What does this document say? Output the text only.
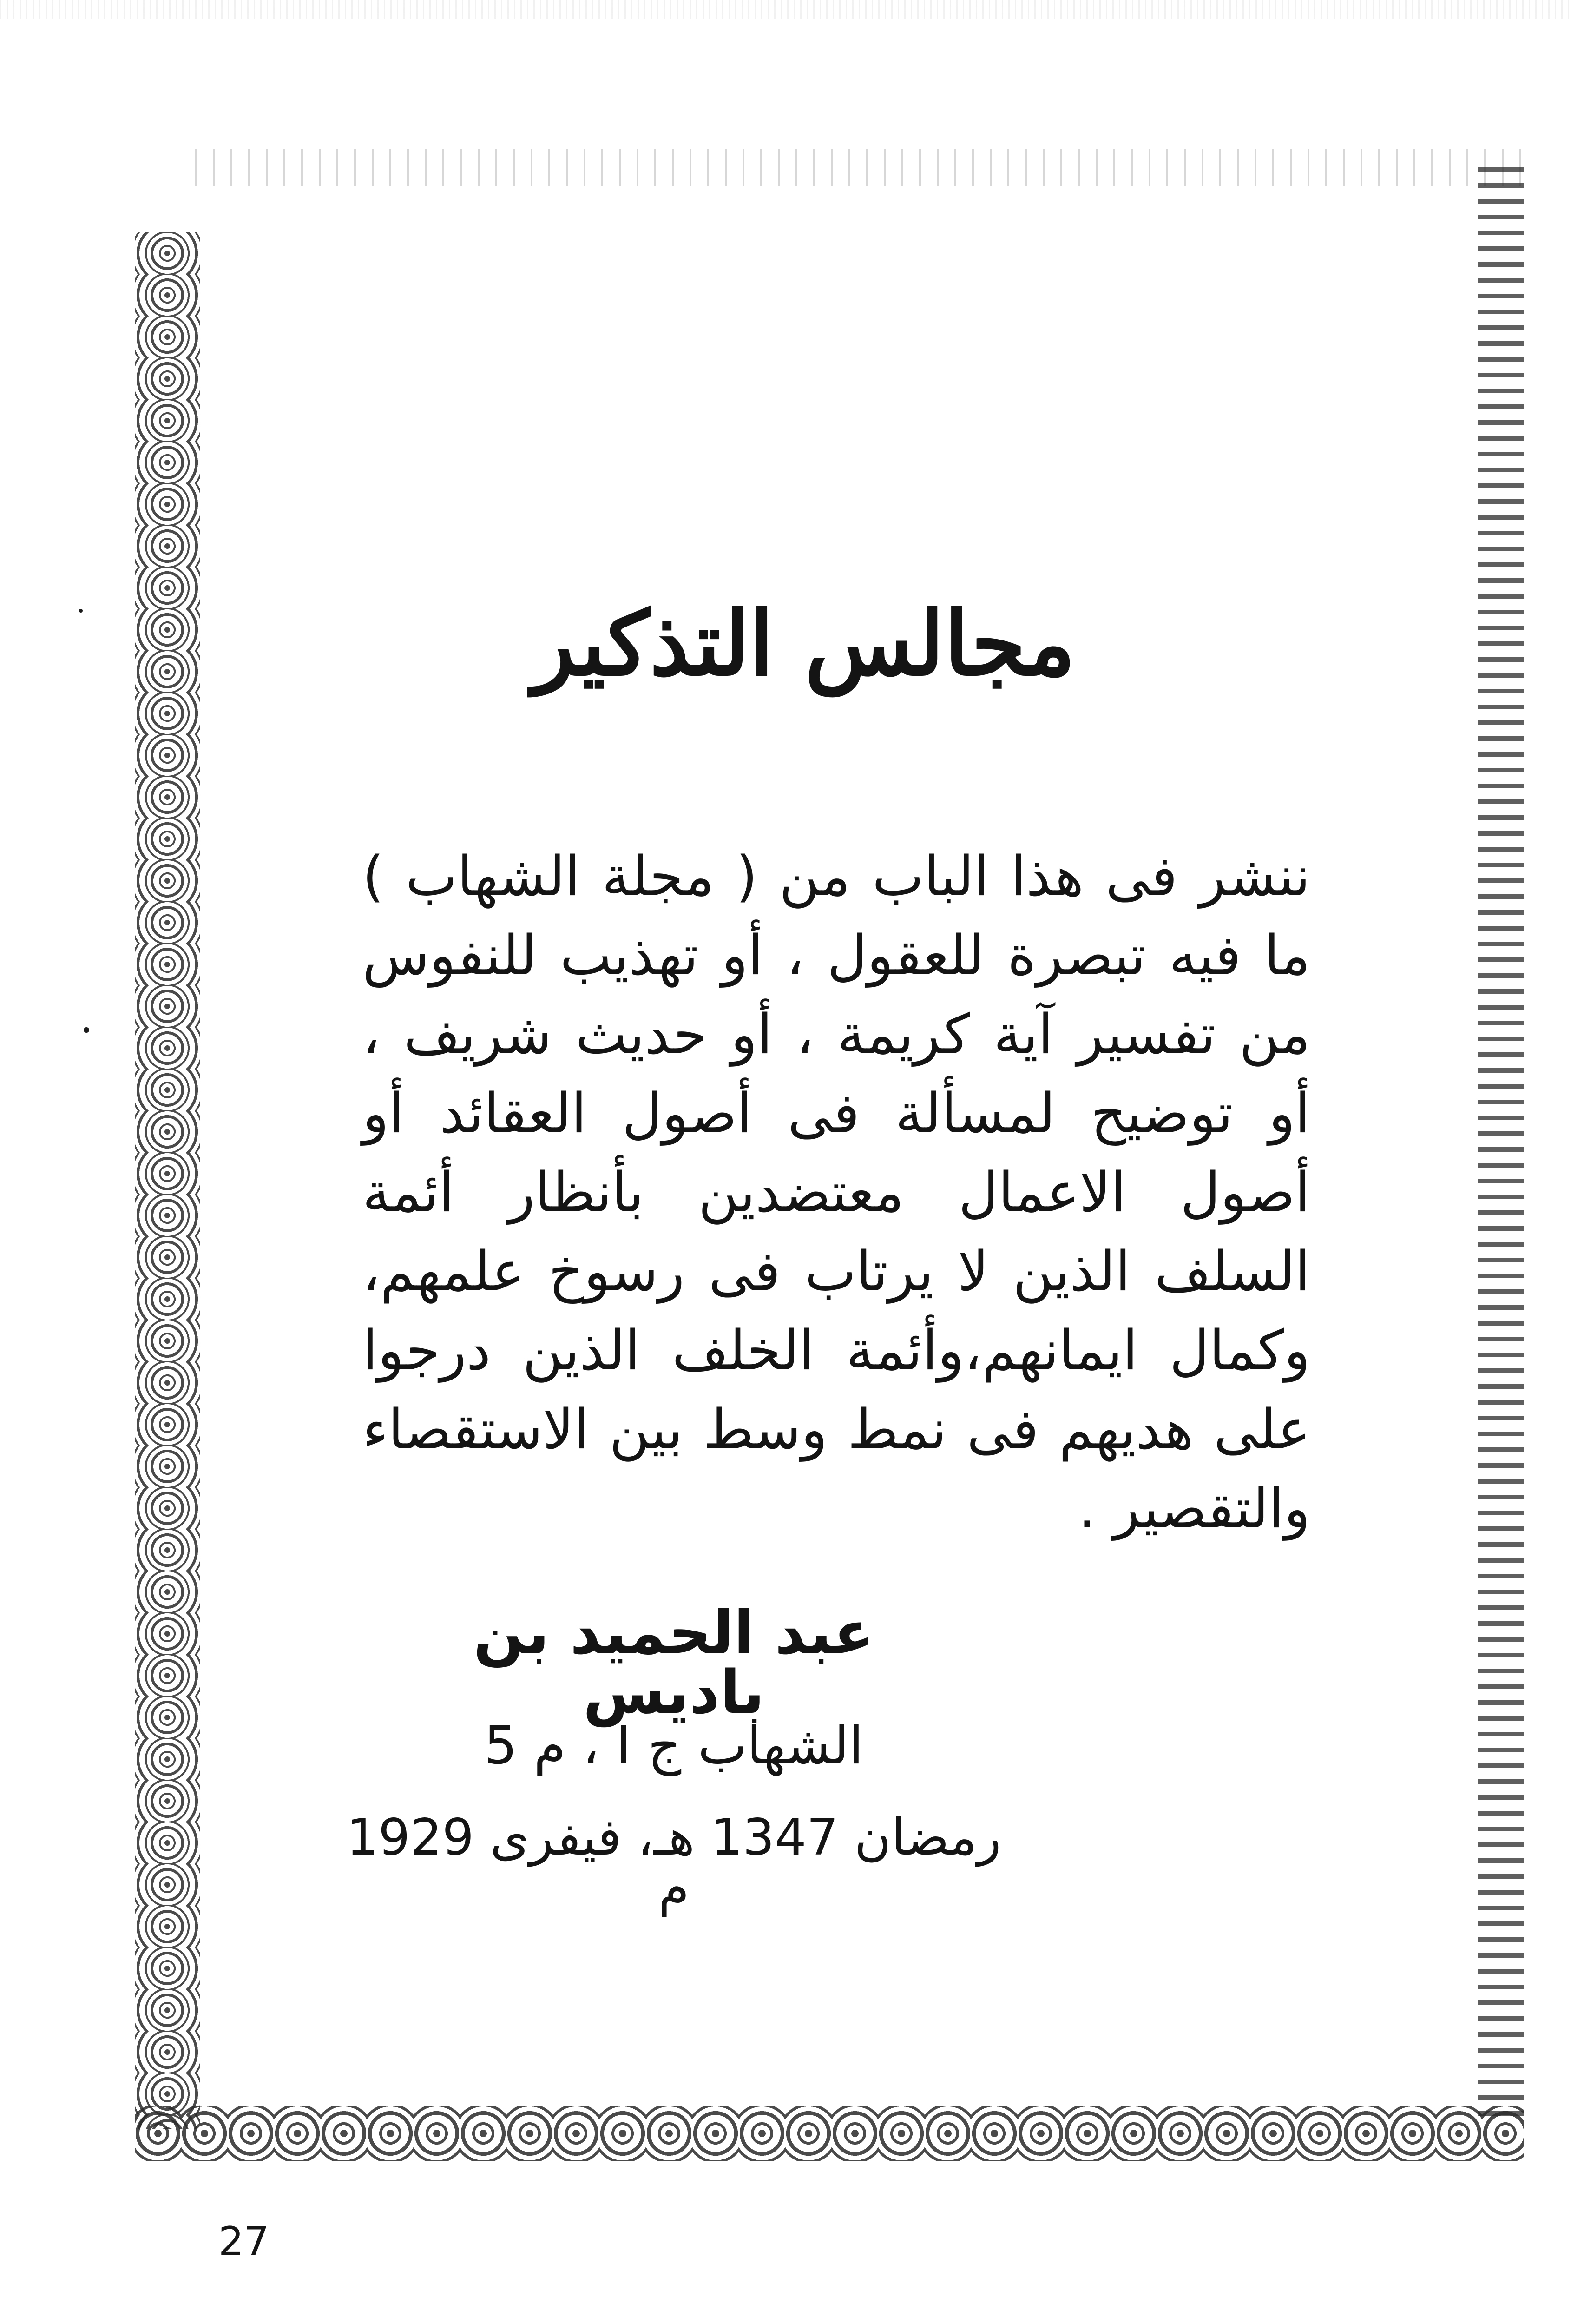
مجالس التذكير
ننشر فى هذا الباب من ( مجلة الشهاب ) ما فيه تبصرة للعقول ، أو تهذيب للنفوس من تفسير آية كريمة ، أو حديث شريف ، أو توضيح لمسألة فى أصول العقائد أو أصول الاعمال معتضدين بأنظار أئمة السلف الذين لا يرتاب فى رسوخ علمهم، وكمال ايمانهم،وأئمة الخلف الذين درجوا على هديهم فى نمط وسط بين الاستقصاء والتقصير .
عبد الحميد بن باديس
الشهاب ج I ، م 5
رمضان 1347 هـ، فيفرى 1929 م
27
